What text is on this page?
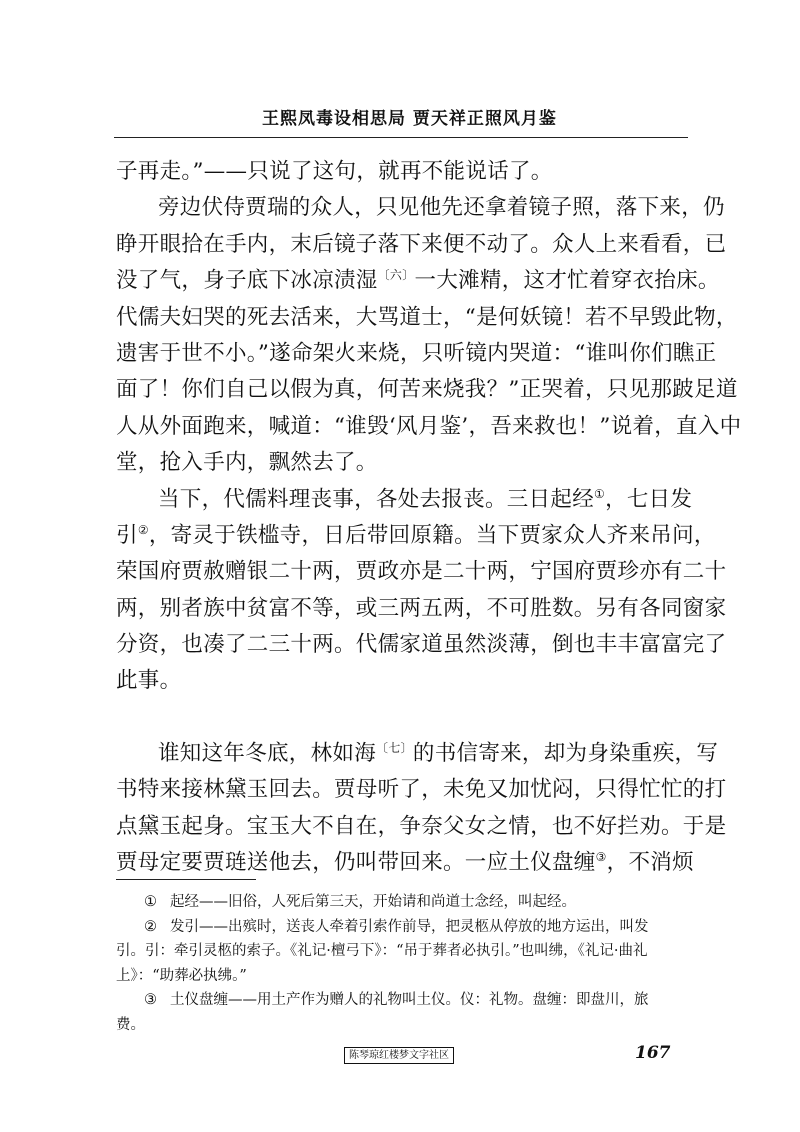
王熙凤毒设相思局 贾天祥正照风月鉴
子再走。”——只说了这句，就再不能说话了。
旁边伏侍贾瑞的众人，只见他先还拿着镜子照，落下来，仍
睁开眼拾在手内，末后镜子落下来便不动了。众人上来看看，已
没了气，身子底下冰凉渍湿$^{〔六〕}$一大滩精，这才忙着穿衣抬床。
代儒夫妇哭的死去活来，大骂道士，“是何妖镜！若不早毁此物，
遗害于世不小。”遂命架火来烧，只听镜内哭道：“谁叫你们瞧正
面了！你们自己以假为真，何苦来烧我？”正哭着，只见那跛足道
人从外面跑来，喊道：“谁毁‘风月鉴’，吾来救也！”说着，直入中
堂，抢入手内，飘然去了。
当下，代儒料理丧事，各处去报丧。三日起经①，七日发
引②，寄灵于铁槛寺，日后带回原籍。当下贾家众人齐来吊问，
荣国府贾赦赠银二十两，贾政亦是二十两，宁国府贾珍亦有二十
两，别者族中贫富不等，或三两五两，不可胜数。另有各同窗家
分资，也凑了二三十两。代儒家道虽然淡薄，倒也丰丰富富完了
此事。
谁知这年冬底，林如海$^{〔七〕}$的书信寄来，却为身染重疾，写
书特来接林黛玉回去。贾母听了，未免又加忧闷，只得忙忙的打
点黛玉起身。宝玉大不自在，争奈父女之情，也不好拦劝。于是
贾母定要贾琏送他去，仍叫带回来。一应土仪盘缠③，不消烦
① 起经——旧俗，人死后第三天，开始请和尚道士念经，叫起经。
② 发引——出殡时，送丧人牵着引索作前导，把灵柩从停放的地方运出，叫发
引。引：牵引灵柩的索子。《礼记·檀弓下》：“吊于葬者必执引。”也叫绋，《礼记·曲礼
上》：“助葬必执绋。”
③ 土仪盘缠——用土产作为赠人的礼物叫土仪。仪：礼物。盘缠：即盘川，旅
费。
陈琴琼红楼梦文字社区	167
